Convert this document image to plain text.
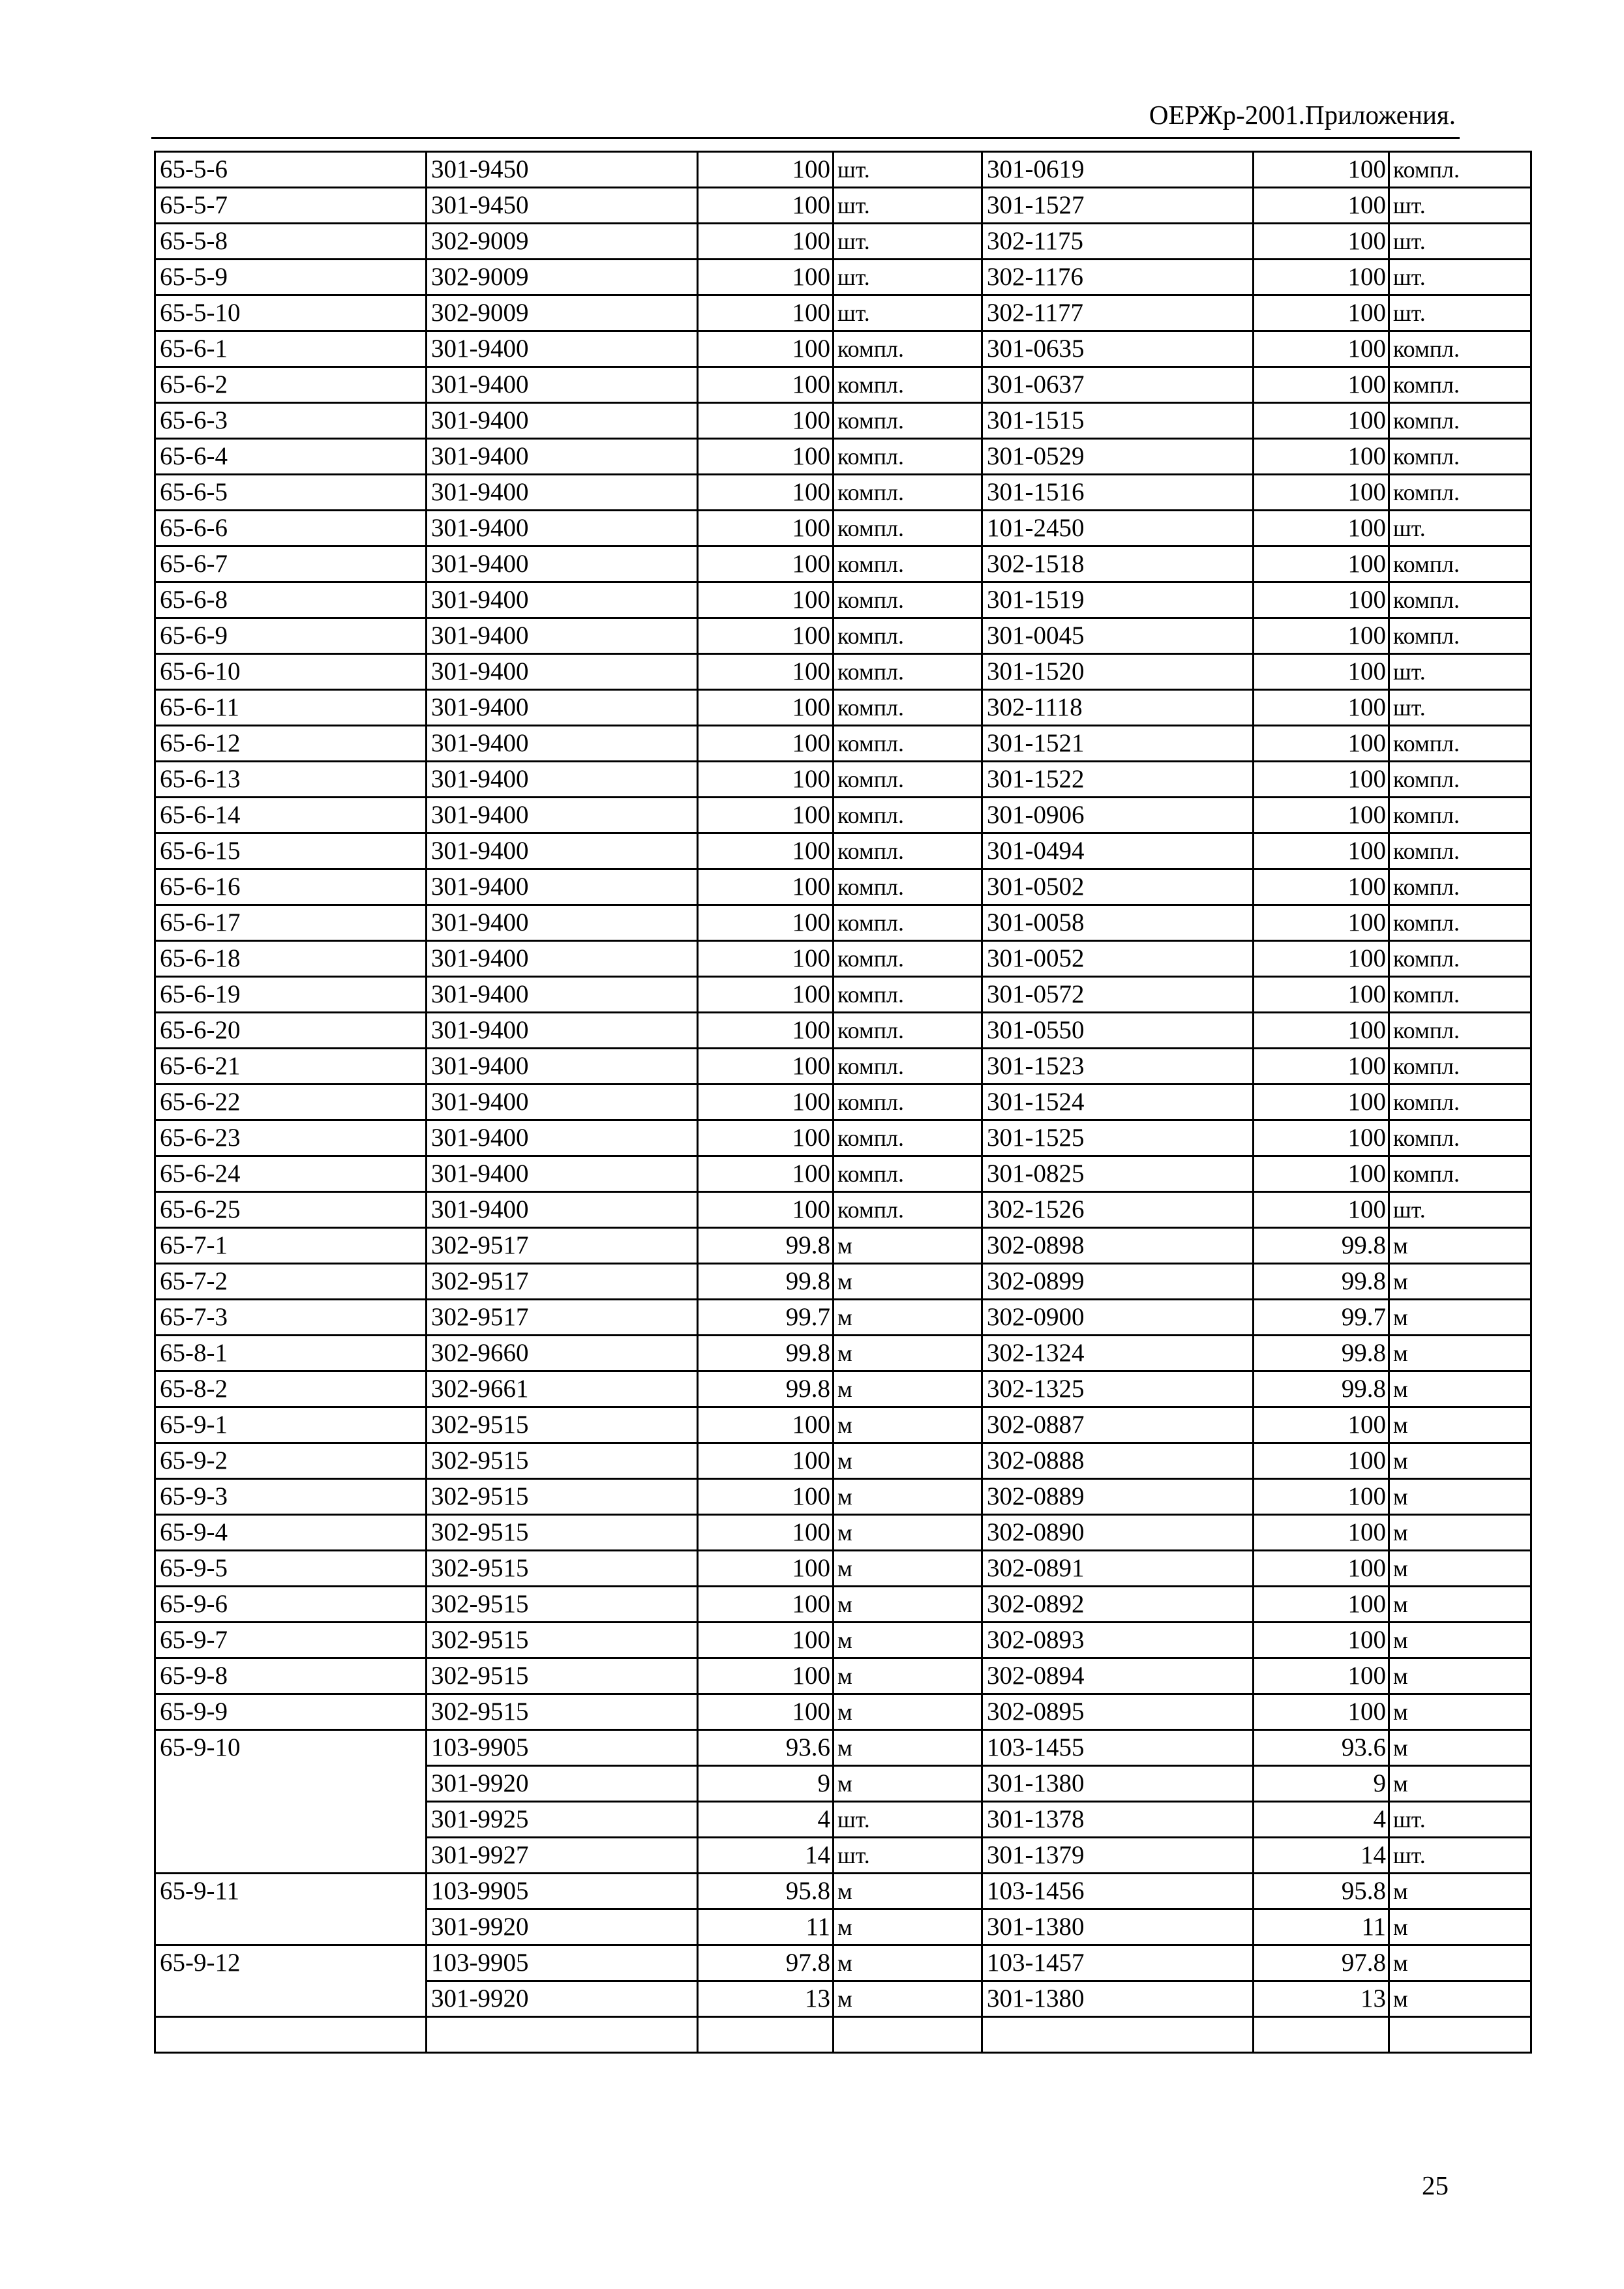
ОЕРЖр-2001.Приложения.
65-5-6	301-9450	100	шт.	301-0619	100	компл.
65-5-7	301-9450	100	шт.	301-1527	100	шт.
65-5-8	302-9009	100	шт.	302-1175	100	шт.
65-5-9	302-9009	100	шт.	302-1176	100	шт.
65-5-10	302-9009	100	шт.	302-1177	100	шт.
65-6-1	301-9400	100	компл.	301-0635	100	компл.
65-6-2	301-9400	100	компл.	301-0637	100	компл.
65-6-3	301-9400	100	компл.	301-1515	100	компл.
65-6-4	301-9400	100	компл.	301-0529	100	компл.
65-6-5	301-9400	100	компл.	301-1516	100	компл.
65-6-6	301-9400	100	компл.	101-2450	100	шт.
65-6-7	301-9400	100	компл.	302-1518	100	компл.
65-6-8	301-9400	100	компл.	301-1519	100	компл.
65-6-9	301-9400	100	компл.	301-0045	100	компл.
65-6-10	301-9400	100	компл.	301-1520	100	шт.
65-6-11	301-9400	100	компл.	302-1118	100	шт.
65-6-12	301-9400	100	компл.	301-1521	100	компл.
65-6-13	301-9400	100	компл.	301-1522	100	компл.
65-6-14	301-9400	100	компл.	301-0906	100	компл.
65-6-15	301-9400	100	компл.	301-0494	100	компл.
65-6-16	301-9400	100	компл.	301-0502	100	компл.
65-6-17	301-9400	100	компл.	301-0058	100	компл.
65-6-18	301-9400	100	компл.	301-0052	100	компл.
65-6-19	301-9400	100	компл.	301-0572	100	компл.
65-6-20	301-9400	100	компл.	301-0550	100	компл.
65-6-21	301-9400	100	компл.	301-1523	100	компл.
65-6-22	301-9400	100	компл.	301-1524	100	компл.
65-6-23	301-9400	100	компл.	301-1525	100	компл.
65-6-24	301-9400	100	компл.	301-0825	100	компл.
65-6-25	301-9400	100	компл.	302-1526	100	шт.
65-7-1	302-9517	99.8	м	302-0898	99.8	м
65-7-2	302-9517	99.8	м	302-0899	99.8	м
65-7-3	302-9517	99.7	м	302-0900	99.7	м
65-8-1	302-9660	99.8	м	302-1324	99.8	м
65-8-2	302-9661	99.8	м	302-1325	99.8	м
65-9-1	302-9515	100	м	302-0887	100	м
65-9-2	302-9515	100	м	302-0888	100	м
65-9-3	302-9515	100	м	302-0889	100	м
65-9-4	302-9515	100	м	302-0890	100	м
65-9-5	302-9515	100	м	302-0891	100	м
65-9-6	302-9515	100	м	302-0892	100	м
65-9-7	302-9515	100	м	302-0893	100	м
65-9-8	302-9515	100	м	302-0894	100	м
65-9-9	302-9515	100	м	302-0895	100	м
65-9-10	103-9905	93.6	м	103-1455	93.6	м
	301-9920	9	м	301-1380	9	м
	301-9925	4	шт.	301-1378	4	шт.
	301-9927	14	шт.	301-1379	14	шт.
65-9-11	103-9905	95.8	м	103-1456	95.8	м
	301-9920	11	м	301-1380	11	м
65-9-12	103-9905	97.8	м	103-1457	97.8	м
	301-9920	13	м	301-1380	13	м

25
